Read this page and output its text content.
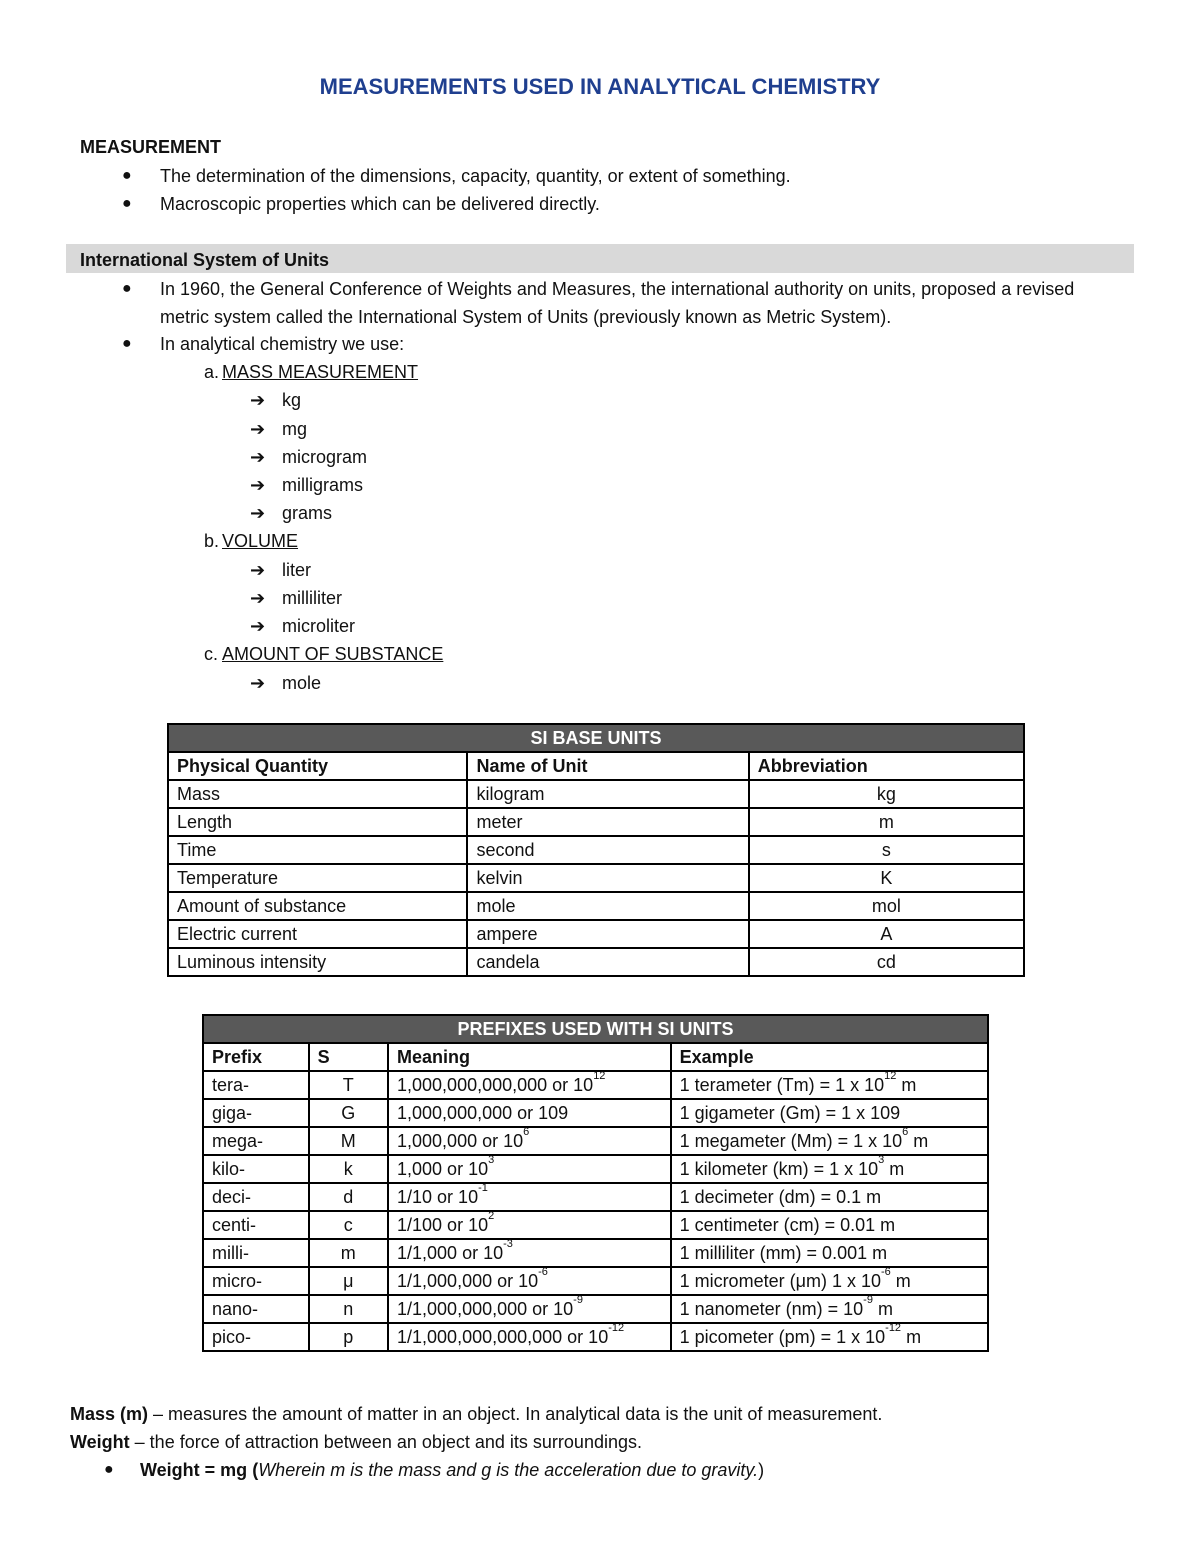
MEASUREMENTS USED IN ANALYTICAL CHEMISTRY
MEASUREMENT
● The determination of the dimensions, capacity, quantity, or extent of something.
● Macroscopic properties which can be delivered directly.
International System of Units
● In 1960, the General Conference of Weights and Measures, the international authority on units, proposed a revised
metric system called the International System of Units (previously known as Metric System).
● In analytical chemistry we use:
a. MASS MEASUREMENT
➔ kg
➔ mg
➔ microgram
➔ milligrams
➔ grams
b. VOLUME
➔ liter
➔ milliliter
➔ microliter
c. AMOUNT OF SUBSTANCE
➔ mole
SI BASE UNITS		
Physical Quantity	Name of Unit	Abbreviation
Mass	kilogram	kg
Length	meter	m
Time	second	s
Temperature	kelvin	K
Amount of substance	mole	mol
Electric current	ampere	A
Luminous intensity	candela	cd
PREFIXES USED WITH SI UNITS			
Prefix	S	Meaning	Example
tera-	T	1,000,000,000,000 or $10^{12}$	1 terameter (Tm) = 1 x $10^{12}$ m
giga-	G	1,000,000,000 or 109	1 gigameter (Gm) = 1 x 109
mega-	M	1,000,000 or $10^6$	1 megameter (Mm) = 1 x $10^6$ m
kilo-	k	1,000 or $10^3$	1 kilometer (km) = 1 x $10^3$ m
deci-	d	1/10 or $10^{-1}$	1 decimeter (dm) = 0.1 m
centi-	c	1/100 or $10^2$	1 centimeter (cm) = 0.01 m
milli-	m	1/1,000 or $10^{-3}$	1 milliliter (mm) = 0.001 m
micro-	μ	1/1,000,000 or $10^{-6}$	1 micrometer (μm) 1 x $10^{-6}$ m
nano-	n	1/1,000,000,000 or $10^{-9}$	1 nanometer $(nm) = 10^{-9}$ m
pico-	p	1/1,000,000,000,000 or $10^{-12}$	1 picometer (pm) = 1 x $10^{-12}$ m
Mass (m) – measures the amount of matter in an object. In analytical data is the unit of measurement.
Weight – the force of attraction between an object and its surroundings.
● Weight = mg (Wherein m is the mass and g is the acceleration due to gravity.)
